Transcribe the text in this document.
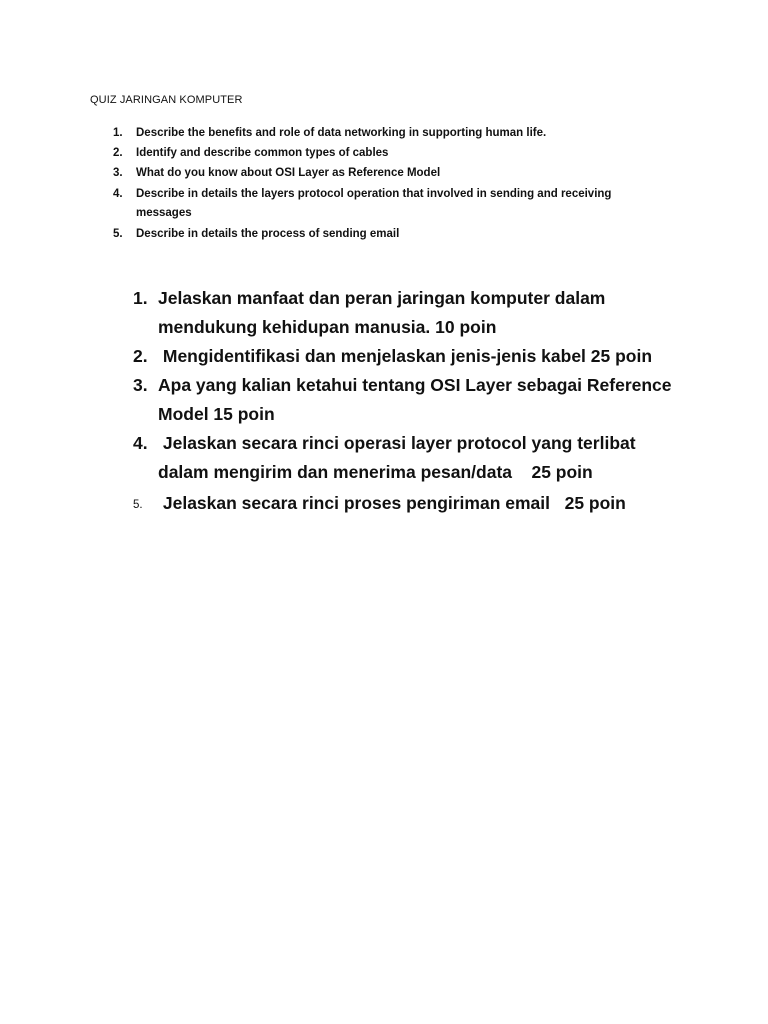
QUIZ JARINGAN KOMPUTER
1. Describe the benefits and role of data networking in supporting human life.
2. Identify and describe common types of cables
3. What do you know about OSI Layer as Reference Model
4. Describe in details the layers protocol operation that involved in sending and receiving
messages
5. Describe in details the process of sending email
1. Jelaskan manfaat dan peran jaringan komputer dalam
mendukung kehidupan manusia. 10 poin
2. Mengidentifikasi dan menjelaskan jenis-jenis kabel 25 poin
3. Apa yang kalian ketahui tentang OSI Layer sebagai Reference
Model 15 poin
4. Jelaskan secara rinci operasi layer protocol yang terlibat
dalam mengirim dan menerima pesan/data    25 poin
5. Jelaskan secara rinci proses pengiriman email   25 poin
